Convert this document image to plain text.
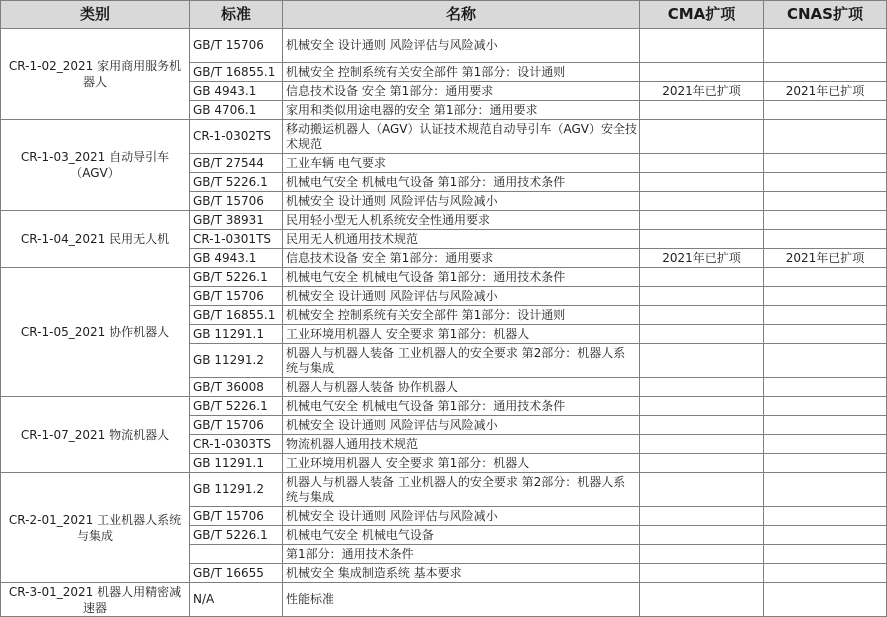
类别	标准	名称	CMA扩项	CNAS扩项
CR-1-02_2021 家用商用服务机器人	GB/T 15706	机械安全 设计通则 风险评估与风险减小		
	GB/T 16855.1	机械安全 控制系统有关安全部件 第1部分：设计通则		
	GB 4943.1	信息技术设备 安全 第1部分：通用要求	2021年已扩项	2021年已扩项
	GB 4706.1	家用和类似用途电器的安全 第1部分：通用要求		
CR-1-03_2021 自动导引车（AGV）	CR-1-0302TS	移动搬运机器人（AGV）认证技术规范自动导引车（AGV）安全技术规范		
	GB/T 27544	工业车辆 电气要求		
	GB/T 5226.1	机械电气安全 机械电气设备 第1部分：通用技术条件		
	GB/T 15706	机械安全 设计通则 风险评估与风险减小		
CR-1-04_2021 民用无人机	GB/T 38931	民用轻小型无人机系统安全性通用要求		
	CR-1-0301TS	民用无人机通用技术规范		
	GB 4943.1	信息技术设备 安全 第1部分：通用要求	2021年已扩项	2021年已扩项
CR-1-05_2021 协作机器人	GB/T 5226.1	机械电气安全 机械电气设备 第1部分：通用技术条件		
	GB/T 15706	机械安全 设计通则 风险评估与风险减小		
	GB/T 16855.1	机械安全 控制系统有关安全部件 第1部分：设计通则		
	GB 11291.1	工业环境用机器人 安全要求 第1部分：机器人		
	GB 11291.2	机器人与机器人装备 工业机器人的安全要求 第2部分：机器人系统与集成		
	GB/T 36008	机器人与机器人装备 协作机器人		
CR-1-07_2021 物流机器人	GB/T 5226.1	机械电气安全 机械电气设备 第1部分：通用技术条件		
	GB/T 15706	机械安全 设计通则 风险评估与风险减小		
	CR-1-0303TS	物流机器人通用技术规范		
	GB 11291.1	工业环境用机器人 安全要求 第1部分：机器人		
CR-2-01_2021 工业机器人系统与集成	GB 11291.2	机器人与机器人装备 工业机器人的安全要求 第2部分：机器人系统与集成		
	GB/T 15706	机械安全 设计通则 风险评估与风险减小		
	GB/T 5226.1	机械电气安全 机械电气设备		
		第1部分：通用技术条件		
	GB/T 16655	机械安全 集成制造系统 基本要求		
CR-3-01_2021 机器人用精密减速器	N/A	性能标准		
